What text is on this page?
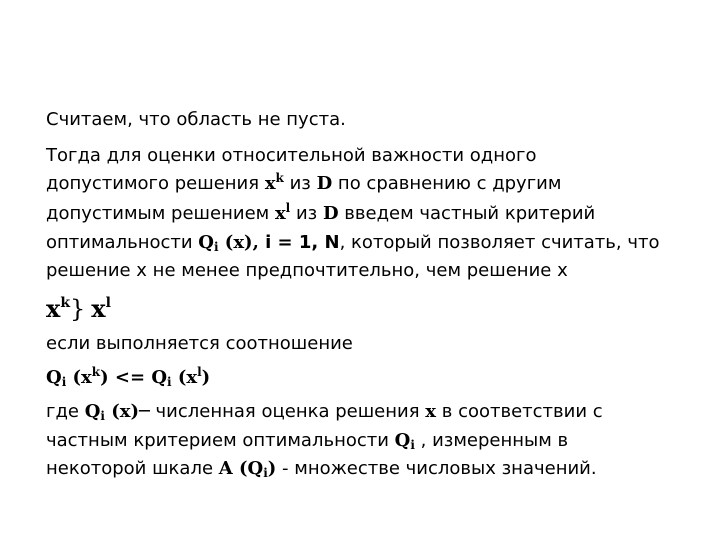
Считаем, что область не пуста.
Тогда для оценки относительной важности одного
допустимого решения $x^k$ из D по сравнению с другим
допустимым решением $x^l$ из D введем частный критерий
оптимальности $Q_i$ (x), i = 1, N, который позволяет считать, что
решение x не менее предпочтительно, чем решение x
$x^k$} $x^l$
если выполняется соотношение
$Q_i$ $(x^k) <= Q_i$ $(x^l)$
где $Q_i$ (x)─ численная оценка решения x в соответствии с
частным критерием оптимальности $Q_i$ , измеренным в
некоторой шкале A $(Q_i)$ - множестве числовых значений.
